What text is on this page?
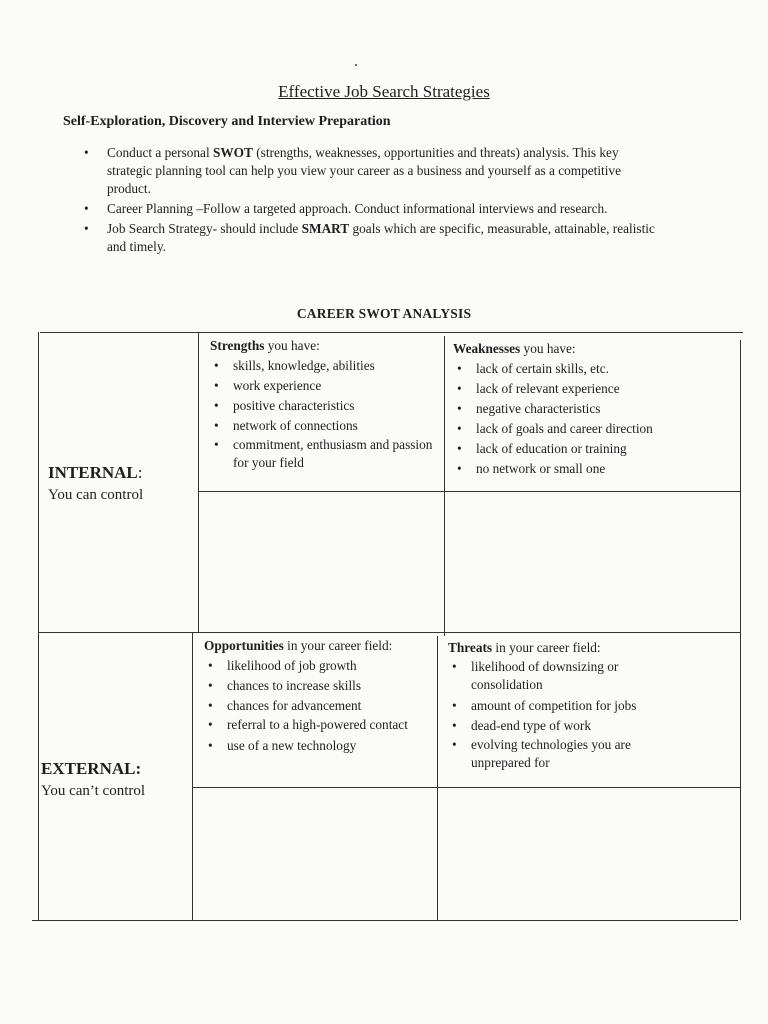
Effective Job Search Strategies
Self-Exploration, Discovery and Interview Preparation
• Conduct a personal SWOT (strengths, weaknesses, opportunities and threats) analysis. This key strategic planning tool can help you view your career as a business and yourself as a competitive product.
• Career Planning –Follow a targeted approach. Conduct informational interviews and research.
• Job Search Strategy- should include SMART goals which are specific, measurable, attainable, realistic and timely.
CAREER SWOT ANALYSIS
INTERNAL:
You can control
EXTERNAL:
You can’t control
Strengths you have:
• skills, knowledge, abilities
• work experience
• positive characteristics
• network of connections
• commitment, enthusiasm and passion for your field
Weaknesses you have:
• lack of certain skills, etc.
• lack of relevant experience
• negative characteristics
• lack of goals and career direction
• lack of education or training
• no network or small one
Opportunities in your career field:
• likelihood of job growth
• chances to increase skills
• chances for advancement
• referral to a high-powered contact
• use of a new technology
Threats in your career field:
• likelihood of downsizing or consolidation
• amount of competition for jobs
• dead-end type of work
• evolving technologies you are unprepared for
